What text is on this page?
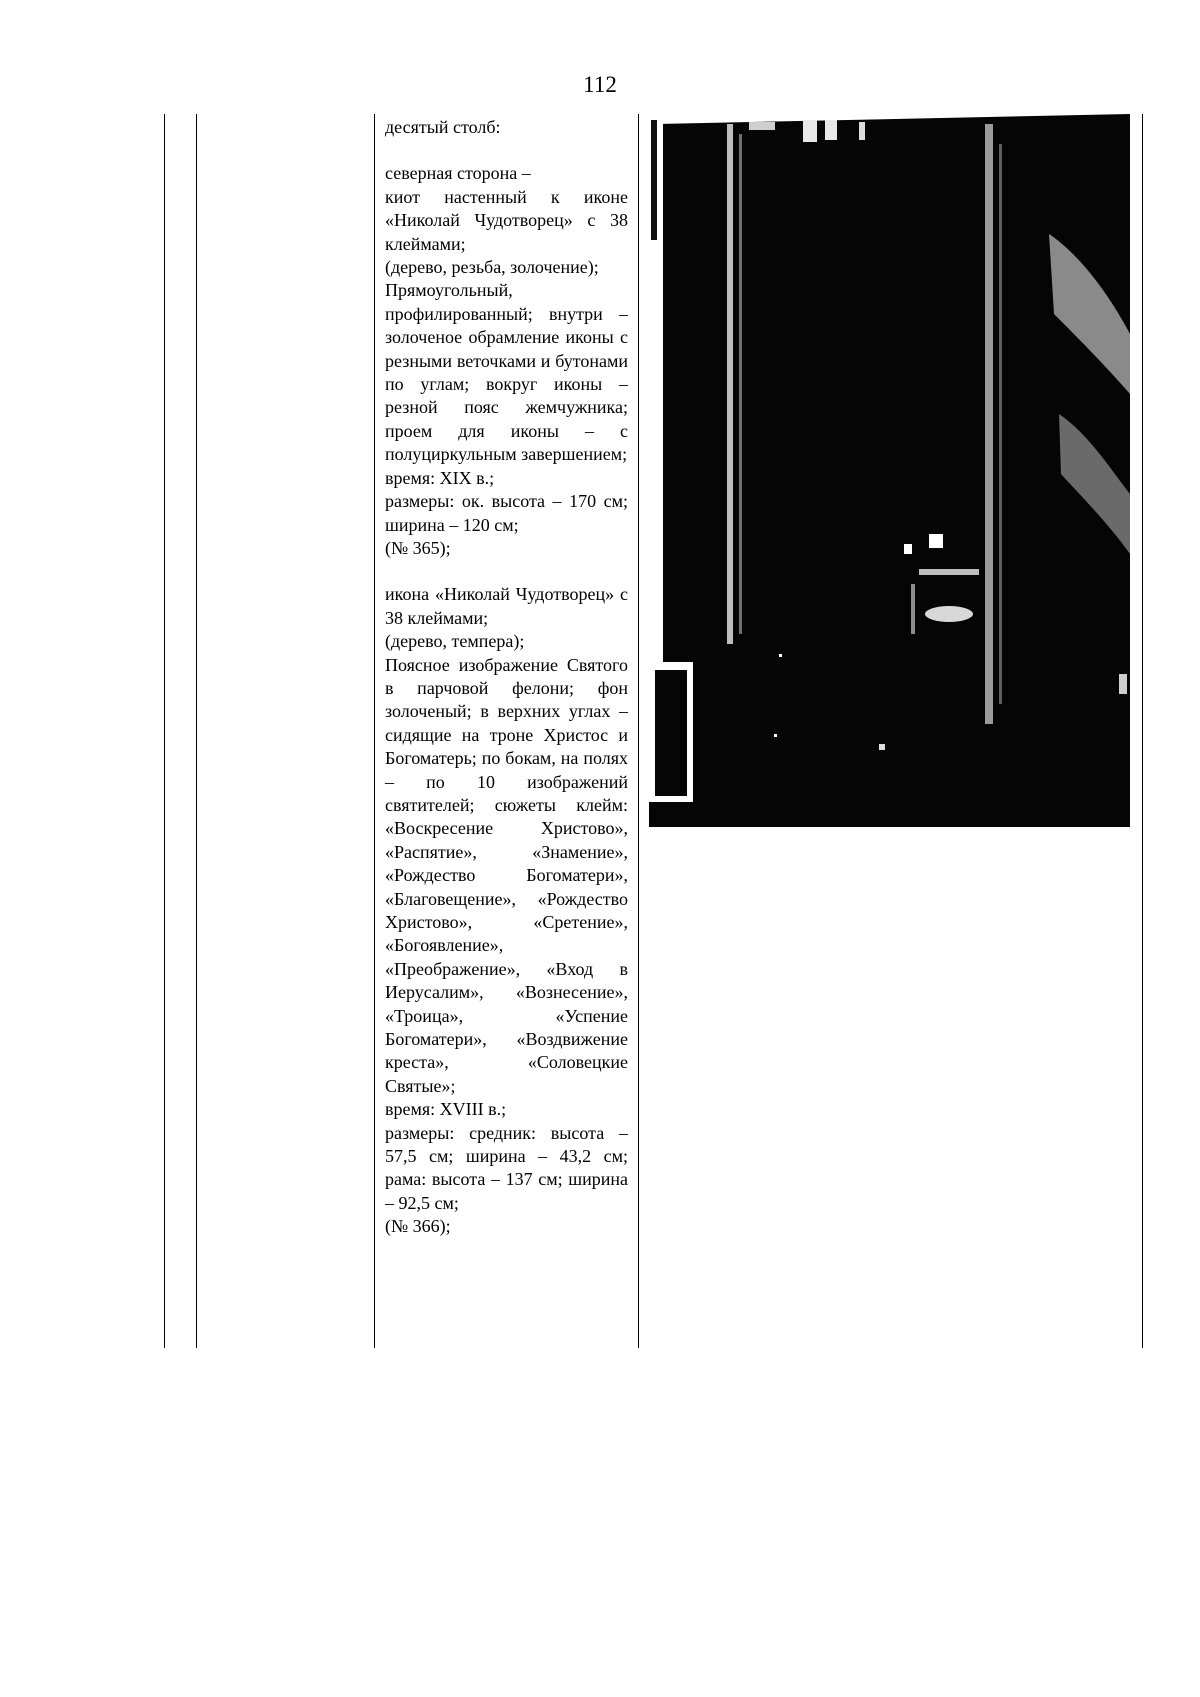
112

десятый столб:

северная сторона –

киот настенный к иконе «Николай Чудотворец» с 38 клеймами;

(дерево, резьба, золочение);

Прямоугольный, профилированный; внутри – золоченое обрамление иконы с резными веточками и бутонами по углам; вокруг иконы – резной пояс жемчужника; проем для иконы – с полуциркульным завершением;

время: XIX в.;

размеры: ок. высота – 170 см; ширина – 120 см;

(№ 365);

икона «Николай Чудотворец» с 38 клеймами;

(дерево, темпера);

Поясное изображение Святого в парчовой фелони; фон золоченый; в верхних углах – сидящие на троне Христос и Богоматерь; по бокам, на полях – по 10 изображений святителей; сюжеты клейм: «Воскресение Христово», «Распятие», «Знамение», «Рождество Богоматери», «Благовещение», «Рождество Христово», «Сретение», «Богоявление», «Преображение», «Вход в Иерусалим», «Вознесение», «Троица», «Успение Богоматери», «Воздвижение креста», «Соловецкие Святые»;

время: XVIII в.;

размеры: средник: высота – 57,5 см; ширина – 43,2 см; рама: высота – 137 см; ширина – 92,5 см;

(№ 366);
